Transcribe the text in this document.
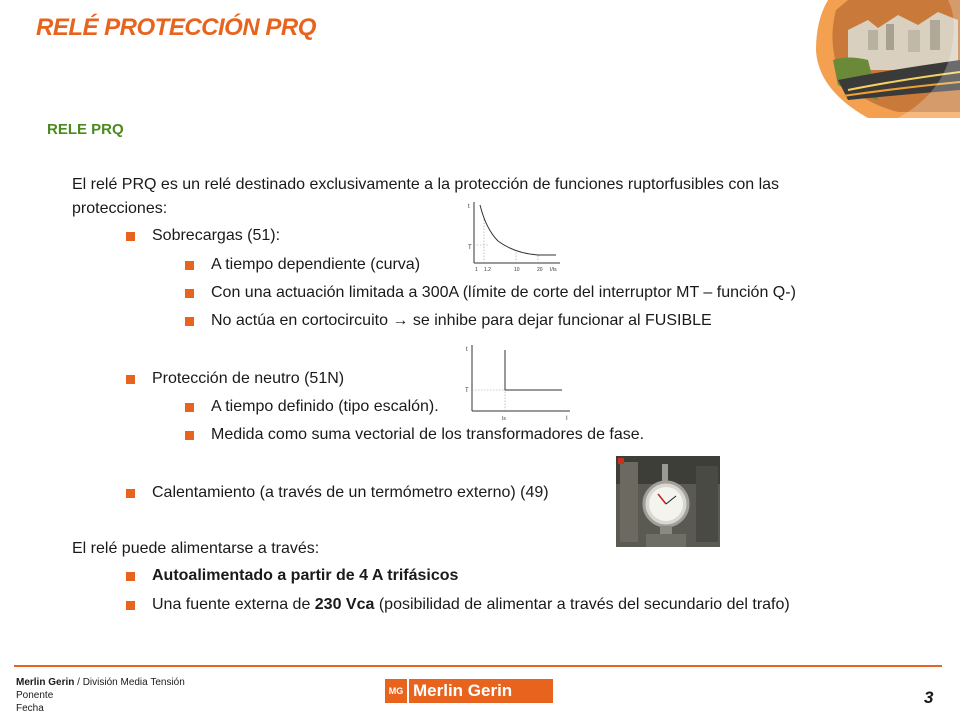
RELÉ PROTECCIÓN PRQ
RELE PRQ
El relé PRQ es un relé destinado exclusivamente a la protección de funciones ruptorfusibles con las
protecciones:
Sobrecargas (51):
A tiempo dependiente (curva)
Con una actuación limitada a 300A (límite de corte del interruptor MT – función Q-)
No actúa en cortocircuito → se inhibe para dejar funcionar al FUSIBLE
t
T
I/Is
1 1.2	10	20
Protección de neutro (51N)
A tiempo definido (tipo escalón).
Medida como suma vectorial de los transformadores de fase.
t
T
I
Is
Calentamiento (a través de un termómetro externo) (49)
El relé puede alimentarse a través:
Autoalimentado a partir de 4 A trifásicos
Una fuente externa de 230 Vca (posibilidad de alimentar a través del secundario del trafo)
Merlin Gerin / División Media Tensión
Ponente
Fecha
MG Merlin Gerin	3
